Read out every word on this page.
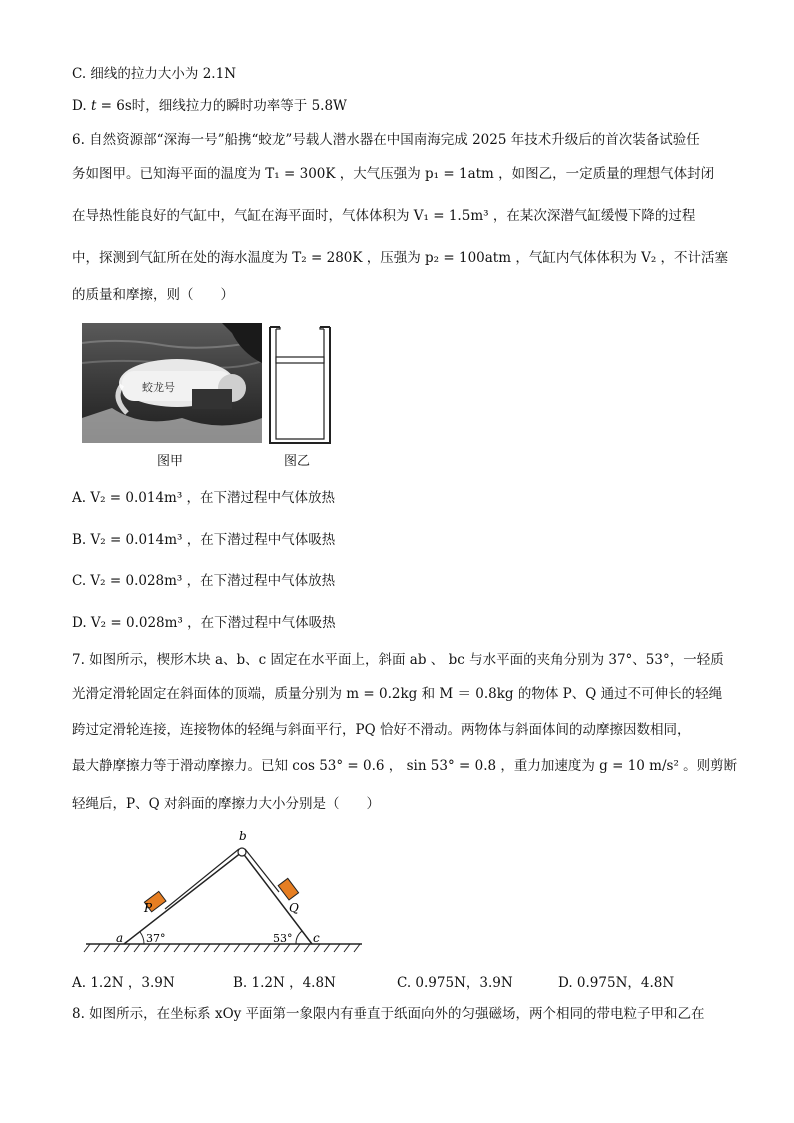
C. 细线的拉力大小为 2.1N
D. t = 6s时，细线拉力的瞬时功率等于 5.8W
6. 自然资源部“深海一号”船携“蛟龙”号载人潜水器在中国南海完成 2025 年技术升级后的首次装备试验任
务如图甲。已知海平面的温度为 T₁ = 300K ，大气压强为 p₁ = 1atm ，如图乙，一定质量的理想气体封闭
在导热性能良好的气缸中，气缸在海平面时，气体体积为 V₁ = 1.5m³ ，在某次深潜气缸缓慢下降的过程
中，探测到气缸所在处的海水温度为 T₂ = 280K ，压强为 p₂ = 100atm ，气缸内气体体积为 V₂ ，不计活塞
的质量和摩擦，则（　　）
蛟龙号
图甲	图乙
A. V₂ = 0.014m³ ，在下潜过程中气体放热
B. V₂ = 0.014m³ ，在下潜过程中气体吸热
C. V₂ = 0.028m³ ，在下潜过程中气体放热
D. V₂ = 0.028m³ ，在下潜过程中气体吸热
7. 如图所示，楔形木块 a、b、c 固定在水平面上，斜面 ab 、 bc 与水平面的夹角分别为 37°、53°，一轻质
光滑定滑轮固定在斜面体的顶端，质量分别为 m = 0.2kg 和 M ＝ 0.8kg 的物体 P、Q 通过不可伸长的轻绳
跨过定滑轮连接，连接物体的轻绳与斜面平行，PQ 恰好不滑动。两物体与斜面体间的动摩擦因数相同，
最大静摩擦力等于滑动摩擦力。已知 cos 53° = 0.6 ， sin 53° = 0.8 ，重力加速度为 g = 10 m/s² 。则剪断
轻绳后，P、Q 对斜面的摩擦力大小分别是（　　）
a
b
c
P	Q
37°	53°
A. 1.2N ，3.9N	B. 1.2N ，4.8N	C. 0.975N，3.9N	D. 0.975N，4.8N
8. 如图所示，在坐标系 xOy 平面第一象限内有垂直于纸面向外的匀强磁场，两个相同的带电粒子甲和乙在
